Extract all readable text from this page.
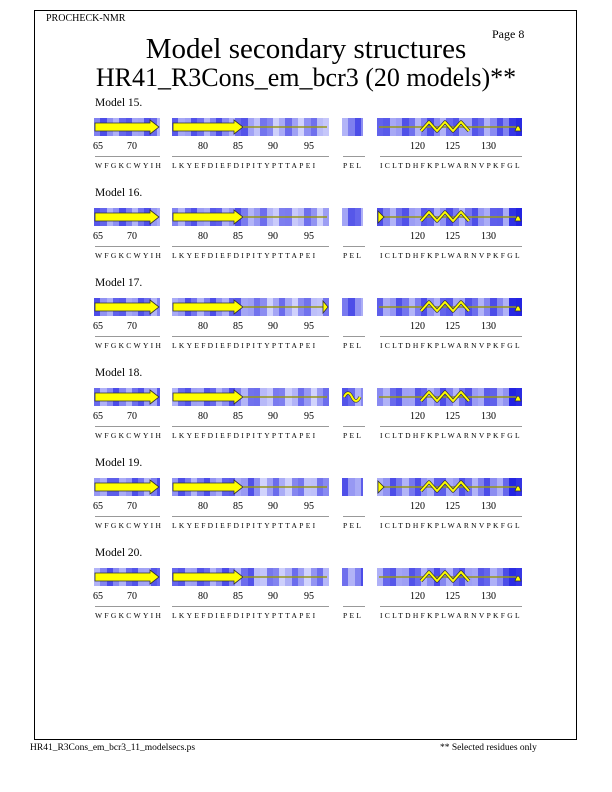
PROCHECK-NMR
Page 8
Model secondary structures
HR41_R3Cons_em_bcr3 (20 models)**
Model 15.
65 70	80	85	90	95	120 125 130
WFGKCWYIH LKYEFDIEFDIPITYPTTAPEI	PEL ICLTDHFKPLWARNVPKFGL
Model 16.
65 70	80	85	90	95	120 125 130
WFGKCWYIH LKYEFDIEFDIPITYPTTAPEI	PEL ICLTDHFKPLWARNVPKFGL
Model 17.
65 70	80	85	90	95	120 125 130
WFGKCWYIH LKYEFDIEFDIPITYPTTAPEI	PEL ICLTDHFKPLWARNVPKFGL
Model 18.
65 70	80	85	90	95	120 125 130
WFGKCWYIH LKYEFDIEFDIPITYPTTAPEI	PEL ICLTDHFKPLWARNVPKFGL
Model 19.
65 70	80	85	90	95	120 125 130
WFGKCWYIH LKYEFDIEFDIPITYPTTAPEI	PEL ICLTDHFKPLWARNVPKFGL
Model 20.
65 70	80	85	90	95	120 125 130
WFGKCWYIH LKYEFDIEFDIPITYPTTAPEI	PEL ICLTDHFKPLWARNVPKFGL
HR41_R3Cons_em_bcr3_11_modelsecs.ps	** Selected residues only
